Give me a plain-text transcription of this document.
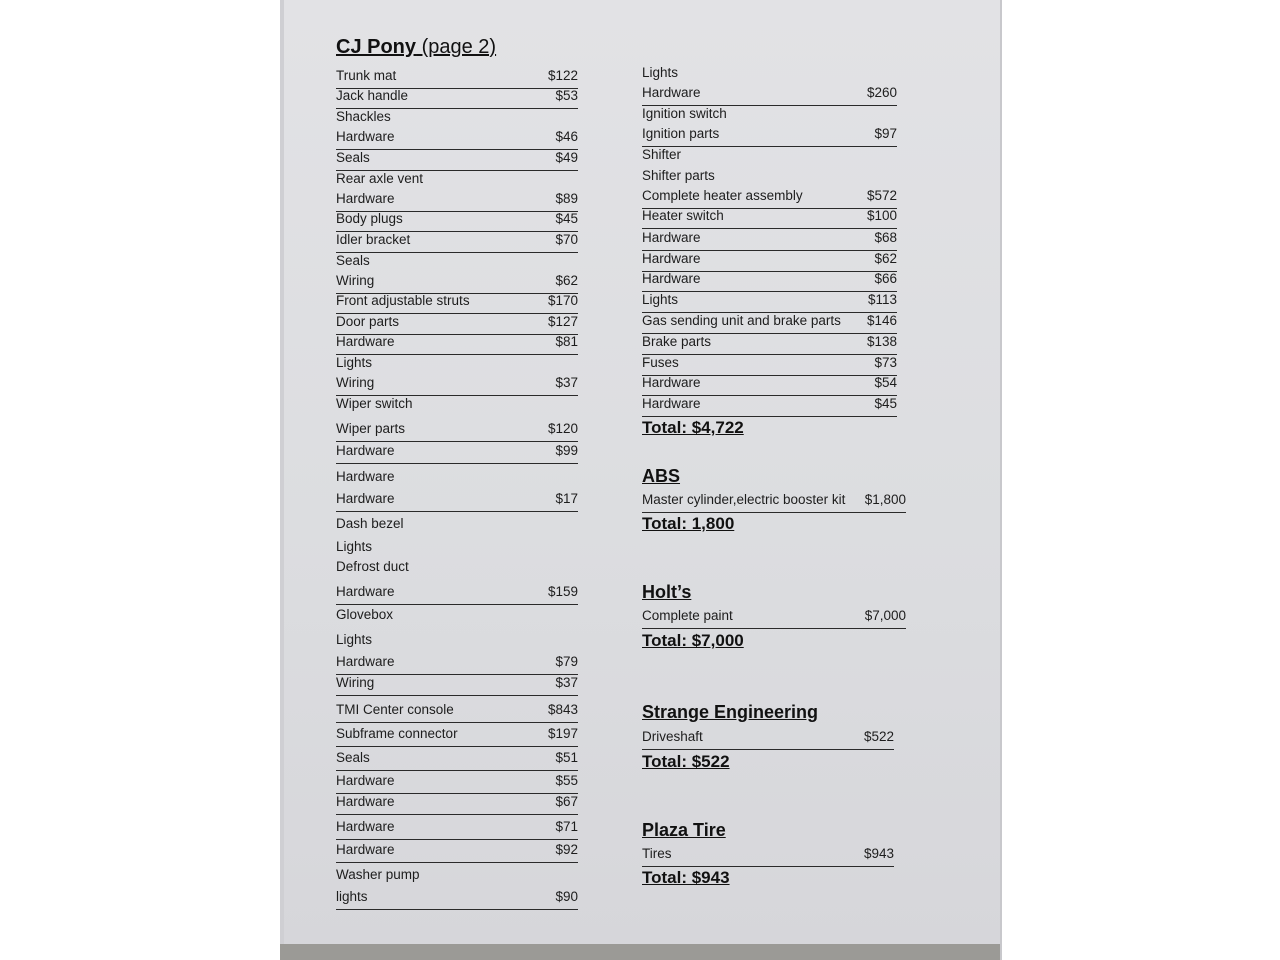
CJ Pony (page 2)
Trunk mat	$122
Jack handle	$53
Shackles
Hardware	$46
Seals	$49
Rear axle vent
Hardware	$89
Body plugs	$45
Idler bracket	$70
Seals
Wiring	$62
Front adjustable struts	$170
Door parts	$127
Hardware	$81
Lights
Wiring	$37
Wiper switch
Wiper parts	$120
Hardware	$99
Hardware
Hardware	$17
Dash bezel
Lights
Defrost duct
Hardware	$159
Glovebox
Lights
Hardware	$79
Wiring	$37
TMI Center console	$843
Subframe connector	$197
Seals	$51
Hardware	$55
Hardware	$67
Hardware	$71
Hardware	$92
Washer pump
lights	$90
Lights
Hardware	$260
Ignition switch
Ignition parts	$97
Shifter
Shifter parts
Complete heater assembly	$572
Heater switch	$100
Hardware	$68
Hardware	$62
Hardware	$66
Lights	$113
Gas sending unit and brake parts $146
Brake parts	$138
Fuses	$73
Hardware	$54
Hardware	$45
Total: $4,722
ABS
Master cylinder,electric booster kit $1,800
Total: 1,800
Holt’s
Complete paint	$7,000
Total: $7,000
Strange Engineering
Driveshaft	$522
Total: $522
Plaza Tire
Tires	$943
Total: $943
